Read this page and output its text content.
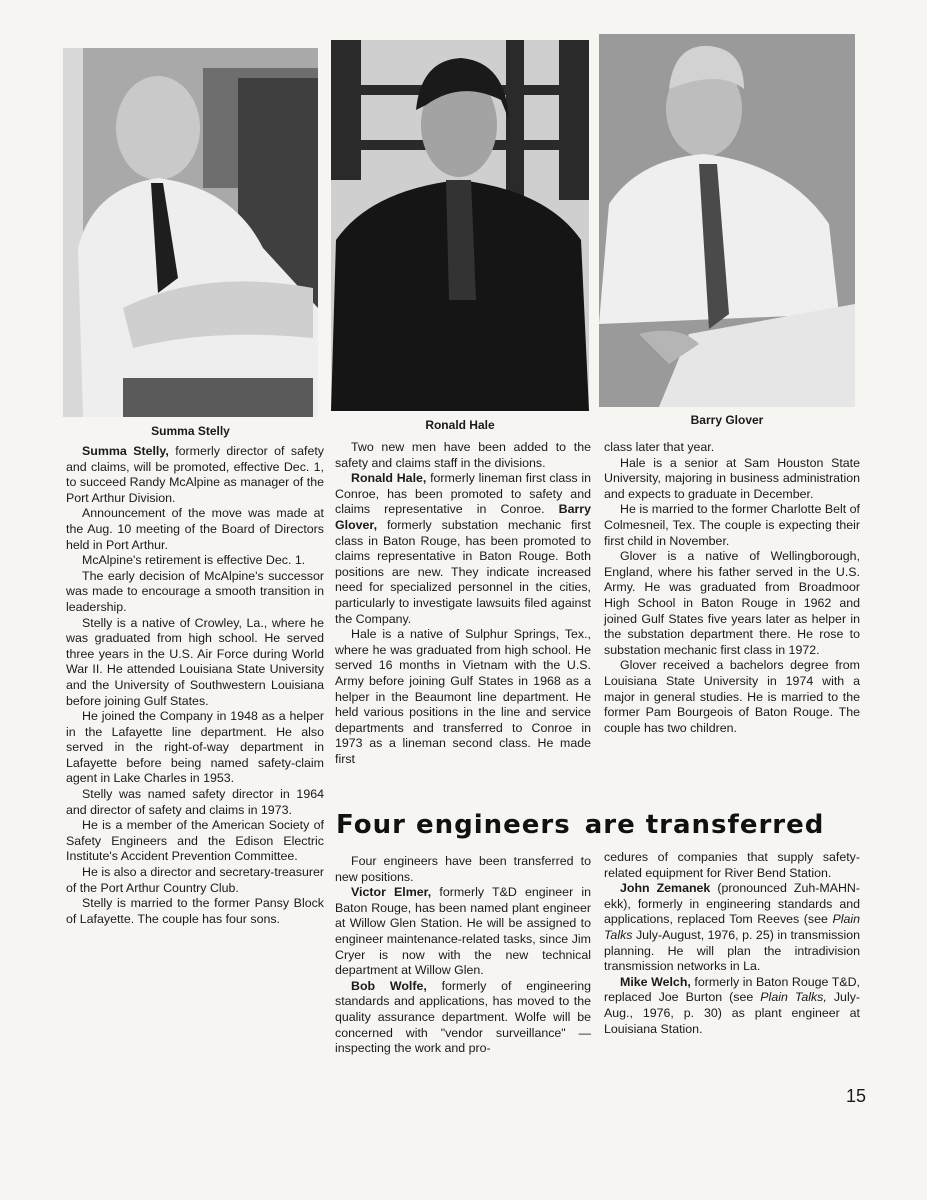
Summa Stelly	Ronald Hale	Barry Glover

Summa Stelly, formerly director of safety and claims, will be promoted, effective Dec. 1, to succeed Randy McAlpine as manager of the Port Arthur Division.

Announcement of the move was made at the Aug. 10 meeting of the Board of Directors held in Port Arthur.

McAlpine's retirement is effective Dec. 1.

The early decision of McAlpine's successor was made to encourage a smooth transition in leadership.

Stelly is a native of Crowley, La., where he was graduated from high school. He served three years in the U.S. Air Force during World War II. He attended Louisiana State University and the University of Southwestern Louisiana before joining Gulf States.

He joined the Company in 1948 as a helper in the Lafayette line department. He also served in the right-of-way department in Lafayette before being named safety-claim agent in Lake Charles in 1953.

Stelly was named safety director in 1964 and director of safety and claims in 1973.

He is a member of the American Society of Safety Engineers and the Edison Electric Institute's Accident Prevention Committee.

He is also a director and secretary-treasurer of the Port Arthur Country Club.

Stelly is married to the former Pansy Block of Lafayette. The couple has four sons.

Two new men have been added to the safety and claims staff in the divisions.

Ronald Hale, formerly lineman first class in Conroe, has been promoted to safety and claims representative in Conroe. Barry Glover, formerly substation mechanic first class in Baton Rouge, has been promoted to claims representative in Baton Rouge. Both positions are new. They indicate increased need for specialized personnel in the cities, particularly to investigate lawsuits filed against the Company.

Hale is a native of Sulphur Springs, Tex., where he was graduated from high school. He served 16 months in Vietnam with the U.S. Army before joining Gulf States in 1968 as a helper in the Beaumont line department. He held various positions in the line and service departments and transferred to Conroe in 1973 as a lineman second class. He made first

class later that year.

Hale is a senior at Sam Houston State University, majoring in business administration and expects to graduate in December.

He is married to the former Charlotte Belt of Colmesneil, Tex. The couple is expecting their first child in November.

Glover is a native of Wellingborough, England, where his father served in the U.S. Army. He was graduated from Broadmoor High School in Baton Rouge in 1962 and joined Gulf States five years later as helper in the substation department there. He rose to substation mechanic first class in 1972.

Glover received a bachelors degree from Louisiana State University in 1974 with a major in general studies. He is married to the former Pam Bourgeois of Baton Rouge. The couple has two children.

Four engineers are transferred

Four engineers have been transferred to new positions.

Victor Elmer, formerly T&D engineer in Baton Rouge, has been named plant engineer at Willow Glen Station. He will be assigned to engineer maintenance-related tasks, since Jim Cryer is now with the new technical department at Willow Glen.

Bob Wolfe, formerly of engineering standards and applications, has moved to the quality assurance department. Wolfe will be concerned with "vendor surveillance" — inspecting the work and pro-

cedures of companies that supply safety-related equipment for River Bend Station.

John Zemanek (pronounced Zuh-MAHN-ekk), formerly in engineering standards and applications, replaced Tom Reeves (see Plain Talks July-August, 1976, p. 25) in transmission planning. He will plan the intradivision transmission networks in La.

Mike Welch, formerly in Baton Rouge T&D, replaced Joe Burton (see Plain Talks, July-Aug., 1976, p. 30) as plant engineer at Louisiana Station.

15
